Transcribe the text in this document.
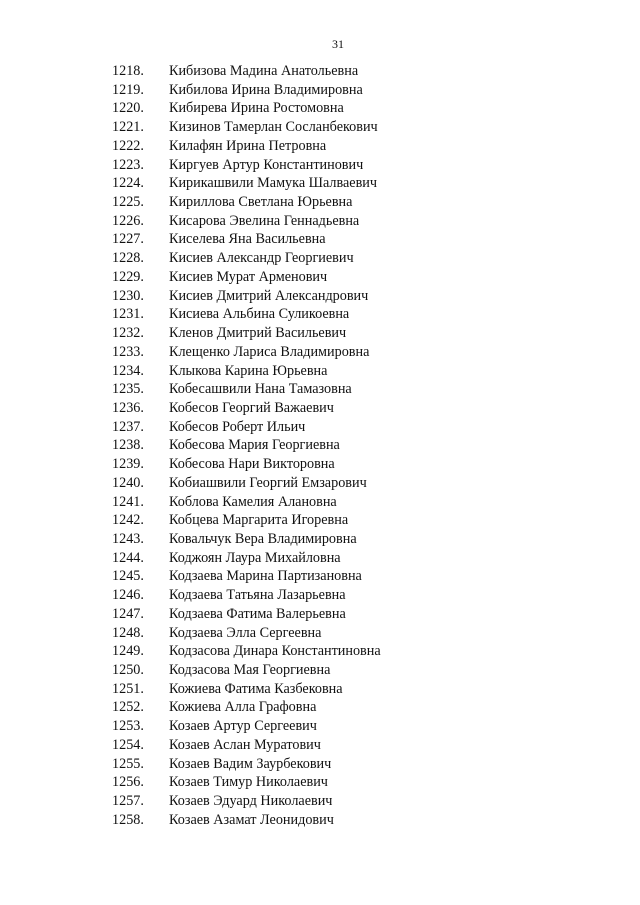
31
1218. Кибизова Мадина Анатольевна
1219. Кибилова Ирина Владимировна
1220. Кибирева Ирина Ростомовна
1221. Кизинов Тамерлан Сосланбекович
1222. Килафян Ирина Петровна
1223. Киргуев Артур Константинович
1224. Кирикашвили Мамука Шалваевич
1225. Кириллова Светлана Юрьевна
1226. Кисарова Эвелина Геннадьевна
1227. Киселева Яна Васильевна
1228. Кисиев Александр Георгиевич
1229. Кисиев Мурат Арменович
1230. Кисиев Дмитрий Александрович
1231. Кисиева Альбина Суликоевна
1232. Кленов Дмитрий Васильевич
1233. Клещенко Лариса Владимировна
1234. Клыкова Карина Юрьевна
1235. Кобесашвили Нана Тамазовна
1236. Кобесов Георгий Важаевич
1237. Кобесов Роберт Ильич
1238. Кобесова Мария Георгиевна
1239. Кобесова Нари Викторовна
1240. Кобиашвили Георгий Емзарович
1241. Коблова Камелия Алановна
1242. Кобцева Маргарита Игоревна
1243. Ковальчук Вера Владимировна
1244. Коджоян Лаура Михайловна
1245. Кодзаева Марина Партизановна
1246. Кодзаева Татьяна Лазарьевна
1247. Кодзаева Фатима Валерьевна
1248. Кодзаева Элла Сергеевна
1249. Кодзасова Динара Константиновна
1250. Кодзасова Мая Георгиевна
1251. Кожиева Фатима Казбековна
1252. Кожиева Алла Графовна
1253. Козаев Артур Сергеевич
1254. Козаев Аслан Муратович
1255. Козаев Вадим Заурбекович
1256. Козаев Тимур Николаевич
1257. Козаев Эдуард Николаевич
1258. Козаев Азамат Леонидович
